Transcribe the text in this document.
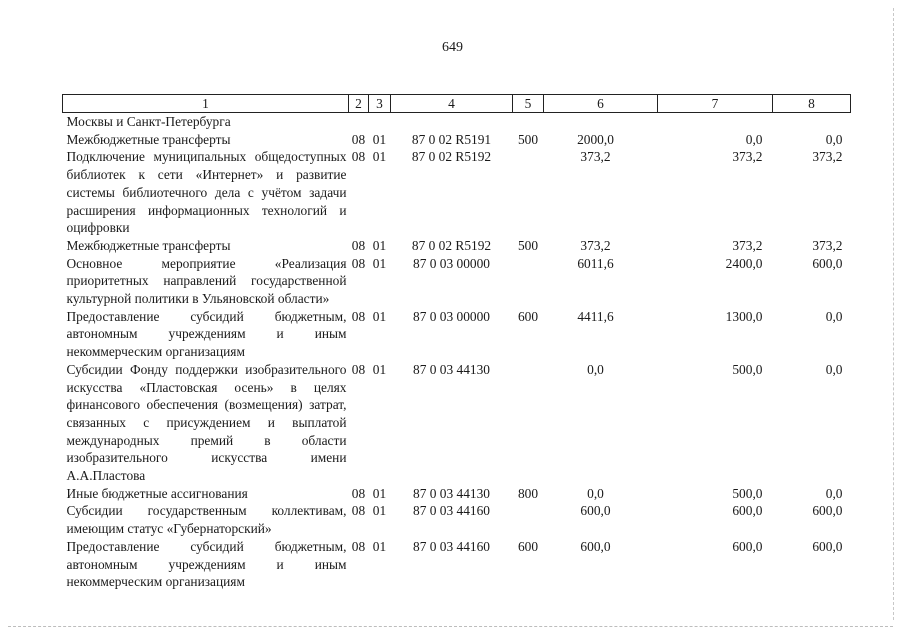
649
1	2	3	4	5	6	7	8
Москвы и Санкт-Петербурга							
Межбюджетные трансферты	08	01	87 0 02 R5191	500	2000,0	0,0	0,0
Подключение муниципальных общедоступных библиотек к сети «Интернет» и развитие системы библиотечного дела с учётом задачи расширения информационных технологий и оцифровки	08	01	87 0 02 R5192		373,2	373,2	373,2
Межбюджетные трансферты	08	01	87 0 02 R5192	500	373,2	373,2	373,2
Основное мероприятие «Реализация приоритетных направлений государственной культурной политики в Ульяновской области»	08	01	87 0 03 00000		6011,6	2400,0	600,0
Предоставление субсидий бюджетным, автономным учреждениям и иным некоммерческим организациям	08	01	87 0 03 00000	600	4411,6	1300,0	0,0
Субсидии Фонду поддержки изобразительного искусства «Пластовская осень» в целях финансового обеспечения (возмещения) затрат, связанных с присуждением и выплатой международных премий в области изобразительного искусства имени А.А.Пластова	08	01	87 0 03 44130		0,0	500,0	0,0
Иные бюджетные ассигнования	08	01	87 0 03 44130	800	0,0	500,0	0,0
Субсидии государственным коллективам, имеющим статус «Губернаторский»	08	01	87 0 03 44160		600,0	600,0	600,0
Предоставление субсидий бюджетным, автономным учреждениям и иным некоммерческим организациям	08	01	87 0 03 44160	600	600,0	600,0	600,0
